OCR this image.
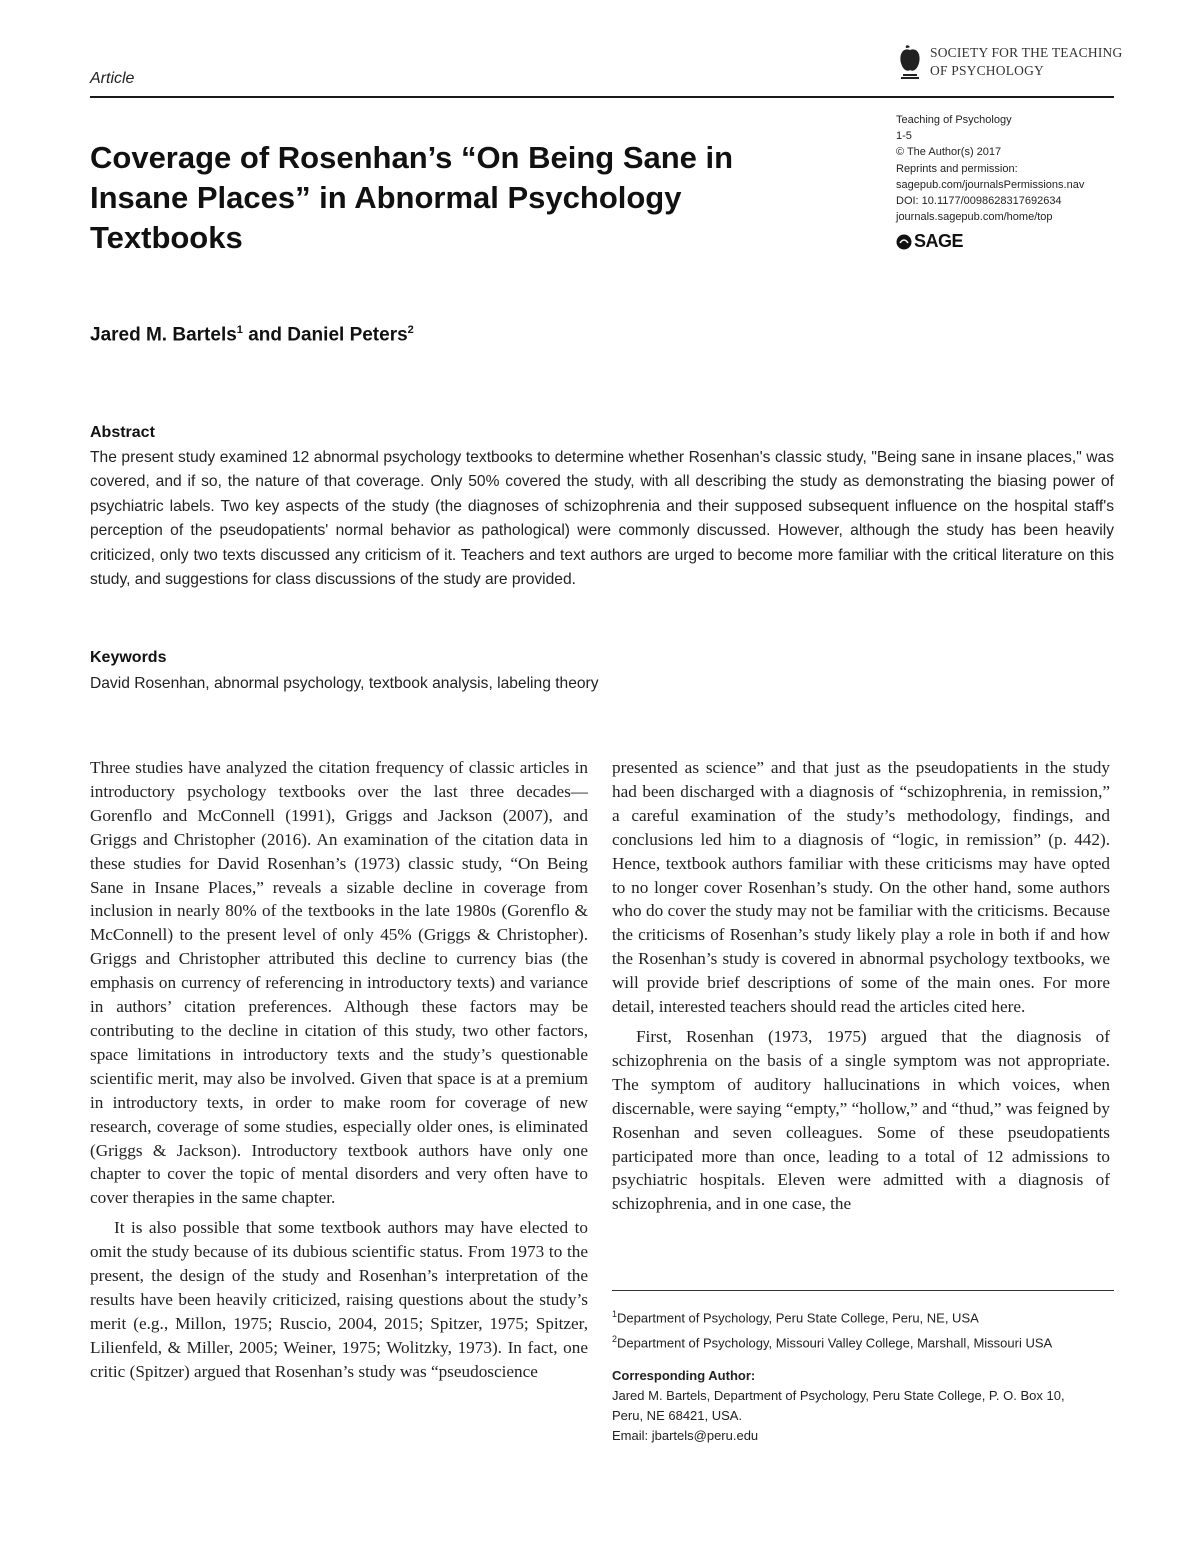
Article
SOCIETY FOR THE TEACHING
OF PSYCHOLOGY
Teaching of Psychology
1-5
© The Author(s) 2017
Reprints and permission:
sagepub.com/journalsPermissions.nav
DOI: 10.1177/0098628317692634
journals.sagepub.com/home/top
SAGE
Coverage of Rosenhan’s “On Being Sane in Insane Places” in Abnormal Psychology Textbooks
Jared M. Bartels$^1$ and Daniel Peters$^2$
Abstract
The present study examined 12 abnormal psychology textbooks to determine whether Rosenhan's classic study, "Being sane in insane places," was covered, and if so, the nature of that coverage. Only 50% covered the study, with all describing the study as demonstrating the biasing power of psychiatric labels. Two key aspects of the study (the diagnoses of schizophrenia and their supposed subsequent influence on the hospital staff's perception of the pseudopatients' normal behavior as pathological) were commonly discussed. However, although the study has been heavily criticized, only two texts discussed any criticism of it. Teachers and text authors are urged to become more familiar with the critical literature on this study, and suggestions for class discussions of the study are provided.
Keywords
David Rosenhan, abnormal psychology, textbook analysis, labeling theory

Three studies have analyzed the citation frequency of classic articles in introductory psychology textbooks over the last three decades—Gorenflo and McConnell (1991), Griggs and Jackson (2007), and Griggs and Christopher (2016). An examination of the citation data in these studies for David Rosenhan’s (1973) classic study, “On Being Sane in Insane Places,” reveals a sizable decline in coverage from inclusion in nearly 80% of the textbooks in the late 1980s (Gorenflo & McConnell) to the present level of only 45% (Griggs & Christopher). Griggs and Christopher attributed this decline to currency bias (the emphasis on currency of referencing in introductory texts) and variance in authors’ citation preferences. Although these factors may be contributing to the decline in citation of this study, two other factors, space limitations in introductory texts and the study’s questionable scientific merit, may also be involved. Given that space is at a premium in introductory texts, in order to make room for coverage of new research, coverage of some studies, especially older ones, is eliminated (Griggs & Jackson). Introductory textbook authors have only one chapter to cover the topic of mental disorders and very often have to cover therapies in the same chapter.

It is also possible that some textbook authors may have elected to omit the study because of its dubious scientific status. From 1973 to the present, the design of the study and Rosenhan’s interpretation of the results have been heavily criticized, raising questions about the study’s merit (e.g., Millon, 1975; Ruscio, 2004, 2015; Spitzer, 1975; Spitzer, Lilienfeld, & Miller, 2005; Weiner, 1975; Wolitzky, 1973). In fact, one critic (Spitzer) argued that Rosenhan’s study was “pseudoscience

presented as science” and that just as the pseudopatients in the study had been discharged with a diagnosis of “schizophrenia, in remission,” a careful examination of the study’s methodology, findings, and conclusions led him to a diagnosis of “logic, in remission” (p. 442). Hence, textbook authors familiar with these criticisms may have opted to no longer cover Rosenhan’s study. On the other hand, some authors who do cover the study may not be familiar with the criticisms. Because the criticisms of Rosenhan’s study likely play a role in both if and how the Rosenhan’s study is covered in abnormal psychology textbooks, we will provide brief descriptions of some of the main ones. For more detail, interested teachers should read the articles cited here.

First, Rosenhan (1973, 1975) argued that the diagnosis of schizophrenia on the basis of a single symptom was not appropriate. The symptom of auditory hallucinations in which voices, when discernable, were saying “empty,” “hollow,” and “thud,” was feigned by Rosenhan and seven colleagues. Some of these pseudopatients participated more than once, leading to a total of 12 admissions to psychiatric hospitals. Eleven were admitted with a diagnosis of schizophrenia, and in one case, the

$^1$Department of Psychology, Peru State College, Peru, NE, USA
$^2$Department of Psychology, Missouri Valley College, Marshall, Missouri USA
Corresponding Author:
Jared M. Bartels, Department of Psychology, Peru State College, P. O. Box 10,
Peru, NE 68421, USA.
Email: jbartels@peru.edu
